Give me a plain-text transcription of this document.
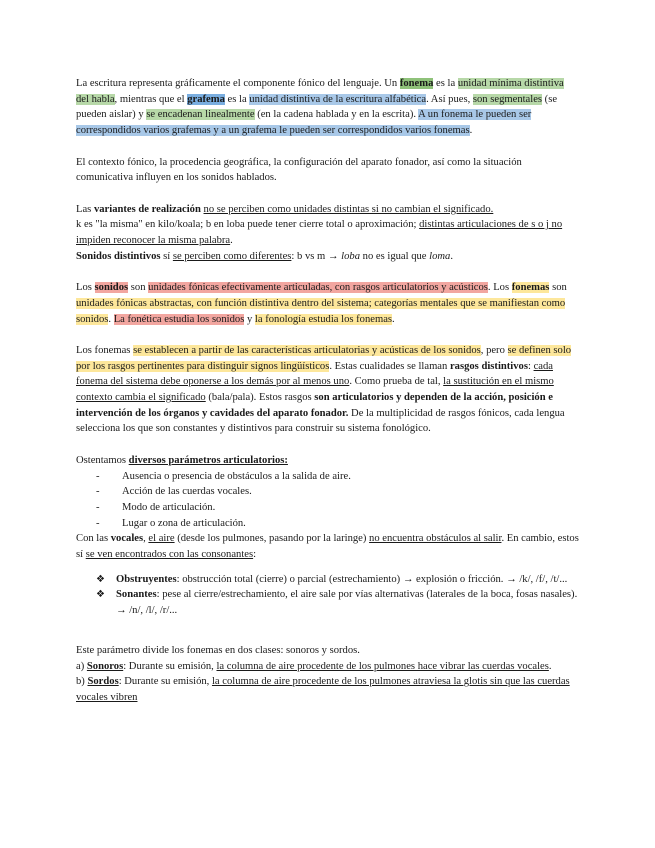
La escritura representa gráficamente el componente fónico del lenguaje. Un fonema es la unidad mínima distintiva del habla, mientras que el grafema es la unidad distintiva de la escritura alfabética. Así pues, son segmentales (se pueden aislar) y se encadenan linealmente (en la cadena hablada y en la escrita). A un fonema le pueden ser correspondidos varios grafemas y a un grafema le pueden ser correspondidos varios fonemas.

El contexto fónico, la procedencia geográfica, la configuración del aparato fonador, así como la situación comunicativa influyen en los sonidos hablados.

Las variantes de realización no se perciben como unidades distintas si no cambian el significado.
k es "la misma" en kilo/koala; b en loba puede tener cierre total o aproximación; distintas articulaciones de s o j no impiden reconocer la misma palabra.
Sonidos distintivos sí se perciben como diferentes: b vs m → loba no es igual que loma.

Los sonidos son unidades fónicas efectivamente articuladas, con rasgos articulatorios y acústicos. Los fonemas son unidades fónicas abstractas, con función distintiva dentro del sistema; categorías mentales que se manifiestan como sonidos. La fonética estudia los sonidos y la fonología estudia los fonemas.

Los fonemas se establecen a partir de las características articulatorias y acústicas de los sonidos, pero se definen solo por los rasgos pertinentes para distinguir signos lingüísticos. Estas cualidades se llaman rasgos distintivos: cada fonema del sistema debe oponerse a los demás por al menos uno. Como prueba de tal, la sustitución en el mismo contexto cambia el significado (bala/pala). Estos rasgos son articulatorios y dependen de la acción, posición e intervención de los órganos y cavidades del aparato fonador. De la multiplicidad de rasgos fónicos, cada lengua selecciona los que son constantes y distintivos para construir su sistema fonológico.

Ostentamos diversos parámetros articulatorios:

- Ausencia o presencia de obstáculos a la salida de aire.
- Acción de las cuerdas vocales.
- Modo de articulación.
- Lugar o zona de articulación.

Con las vocales, el aire (desde los pulmones, pasando por la laringe) no encuentra obstáculos al salir. En cambio, estos sí se ven encontrados con las consonantes:

❖ Obstruyentes: obstrucción total (cierre) o parcial (estrechamiento) → explosión o fricción. → /k/, /f/, /t/...
❖ Sonantes: pese al cierre/estrechamiento, el aire sale por vías alternativas (laterales de la boca, fosas nasales). → /n/, /l/, /r/...

Este parámetro divide los fonemas en dos clases: sonoros y sordos.

a) Sonoros: Durante su emisión, la columna de aire procedente de los pulmones hace vibrar las cuerdas vocales.

b) Sordos: Durante su emisión, la columna de aire procedente de los pulmones atraviesa la glotis sin que las cuerdas vocales vibren
